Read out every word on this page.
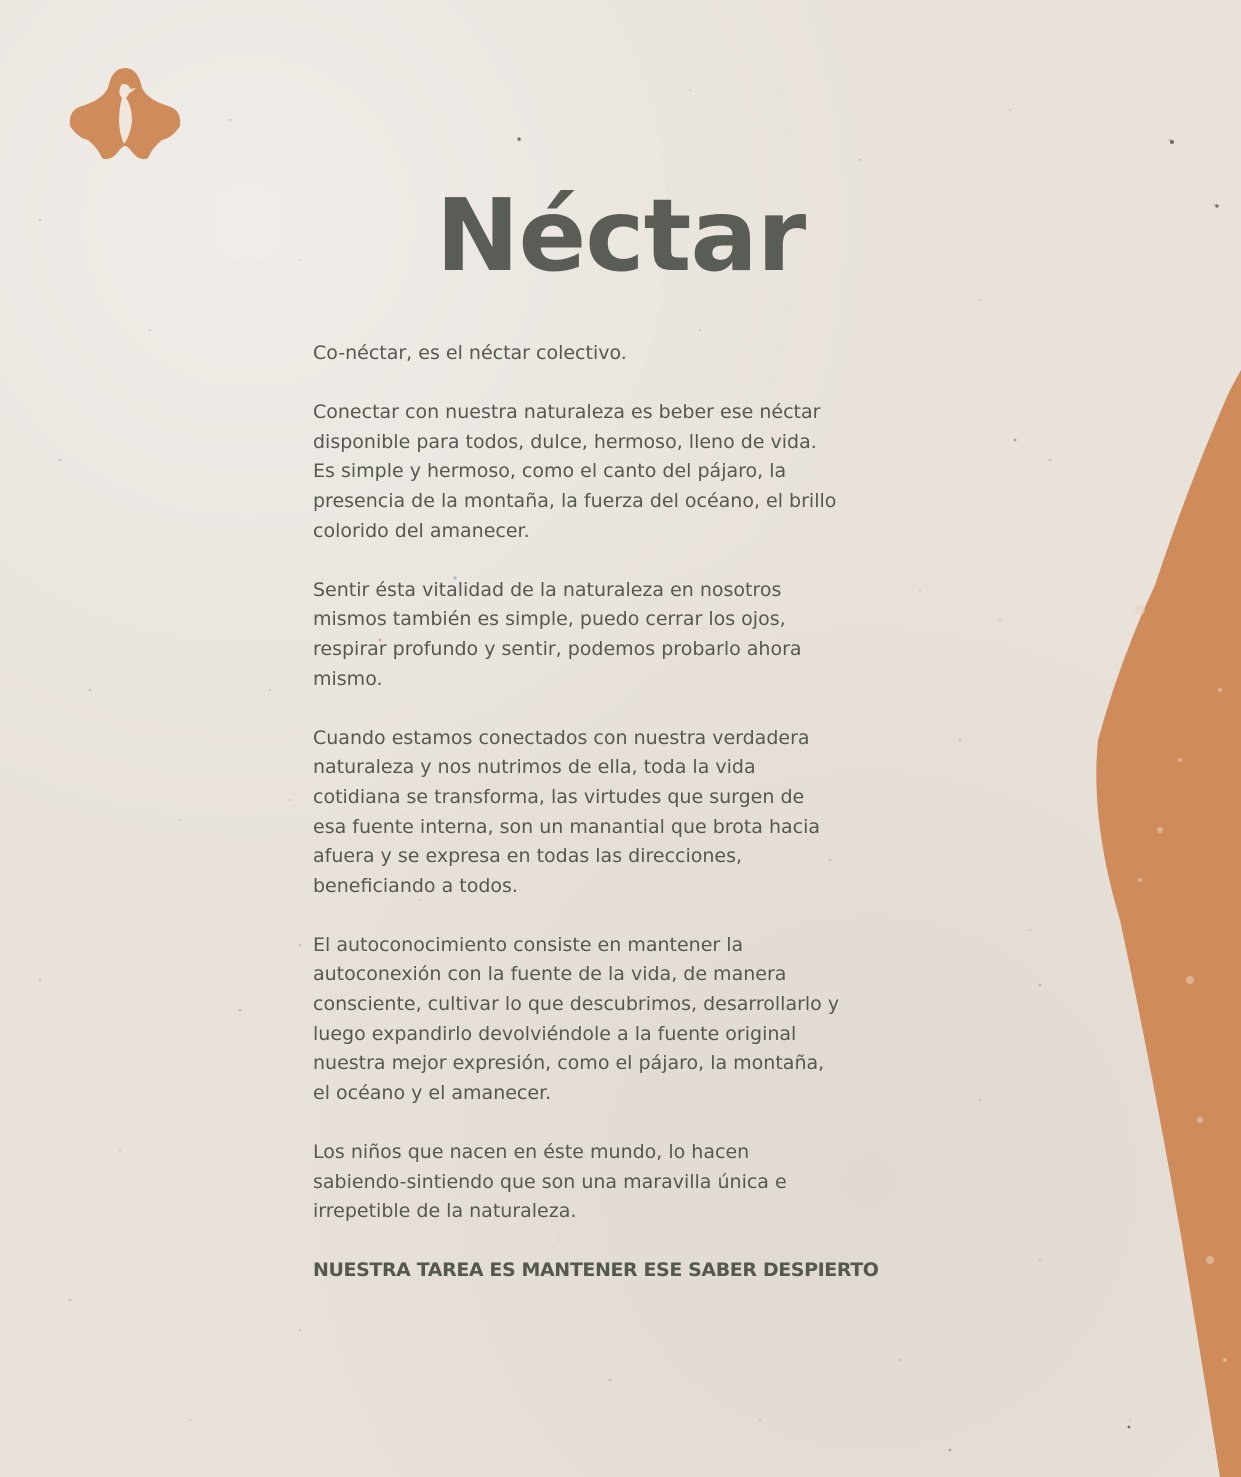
Néctar

Co-néctar, es el néctar colectivo.

Conectar con nuestra naturaleza es beber ese néctar
disponible para todos, dulce, hermoso, lleno de vida.
Es simple y hermoso, como el canto del pájaro, la
presencia de la montaña, la fuerza del océano, el brillo
colorido del amanecer.

Sentir ésta vitalidad de la naturaleza en nosotros
mismos también es simple, puedo cerrar los ojos,
respirar profundo y sentir, podemos probarlo ahora
mismo.

Cuando estamos conectados con nuestra verdadera
naturaleza y nos nutrimos de ella, toda la vida
cotidiana se transforma, las virtudes que surgen de
esa fuente interna, son un manantial que brota hacia
afuera y se expresa en todas las direcciones,
beneficiando a todos.

El autoconocimiento consiste en mantener la
autoconexión con la fuente de la vida, de manera
consciente, cultivar lo que descubrimos, desarrollarlo y
luego expandirlo devolviéndole a la fuente original
nuestra mejor expresión, como el pájaro, la montaña,
el océano y el amanecer.

Los niños que nacen en éste mundo, lo hacen
sabiendo-sintiendo que son una maravilla única e
irrepetible de la naturaleza.

NUESTRA TAREA ES MANTENER ESE SABER DESPIERTO
